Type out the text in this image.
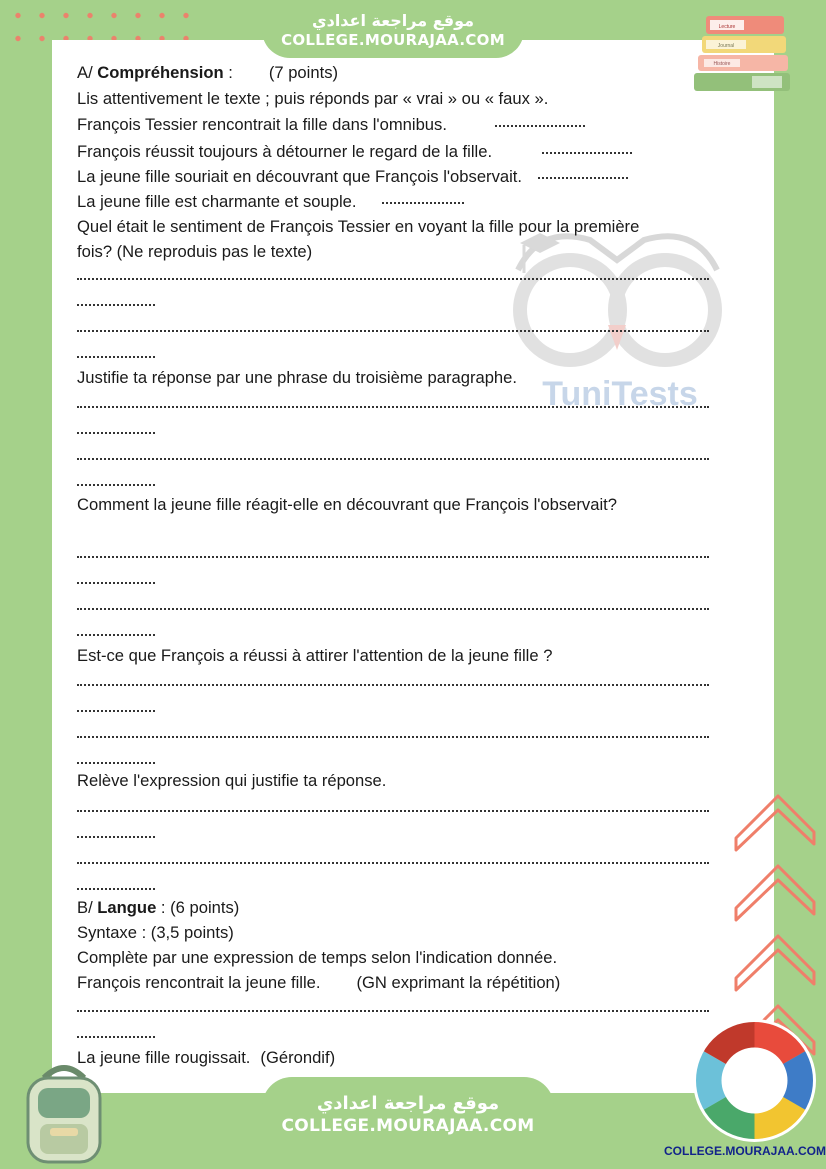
موقع مراجعة اعدادي
COLLEGE.MOURAJAA.COM
Lecture
Journal
Histoire
TuniTests
A/ Compréhension : (7 points)
Lis attentivement le texte ; puis réponds par « vrai » ou « faux ».
François Tessier rencontrait la fille dans l'omnibus.
François réussit toujours à détourner le regard de la fille.
La jeune fille souriait en découvrant que François l'observait.
La jeune fille est charmante et souple.
Quel était le sentiment de François Tessier en voyant la fille pour la première
fois? (Ne reproduis pas le texte)
Justifie ta réponse par une phrase du troisième paragraphe.
Comment la jeune fille réagit-elle en découvrant que François l'observait?
Est-ce que François a réussi à attirer l'attention de la jeune fille ?
Relève l'expression qui justifie ta réponse.
B/ Langue : (6 points)
Syntaxe : (3,5 points)
Complète par une expression de temps selon l'indication donnée.
François rencontrait la jeune fille. (GN exprimant la répétition)
La jeune fille rougissait. (Gérondif)
موقع مراجعة اعدادي
COLLEGE.MOURAJAA.COM
COLLEGE.MOURAJAA.COM
